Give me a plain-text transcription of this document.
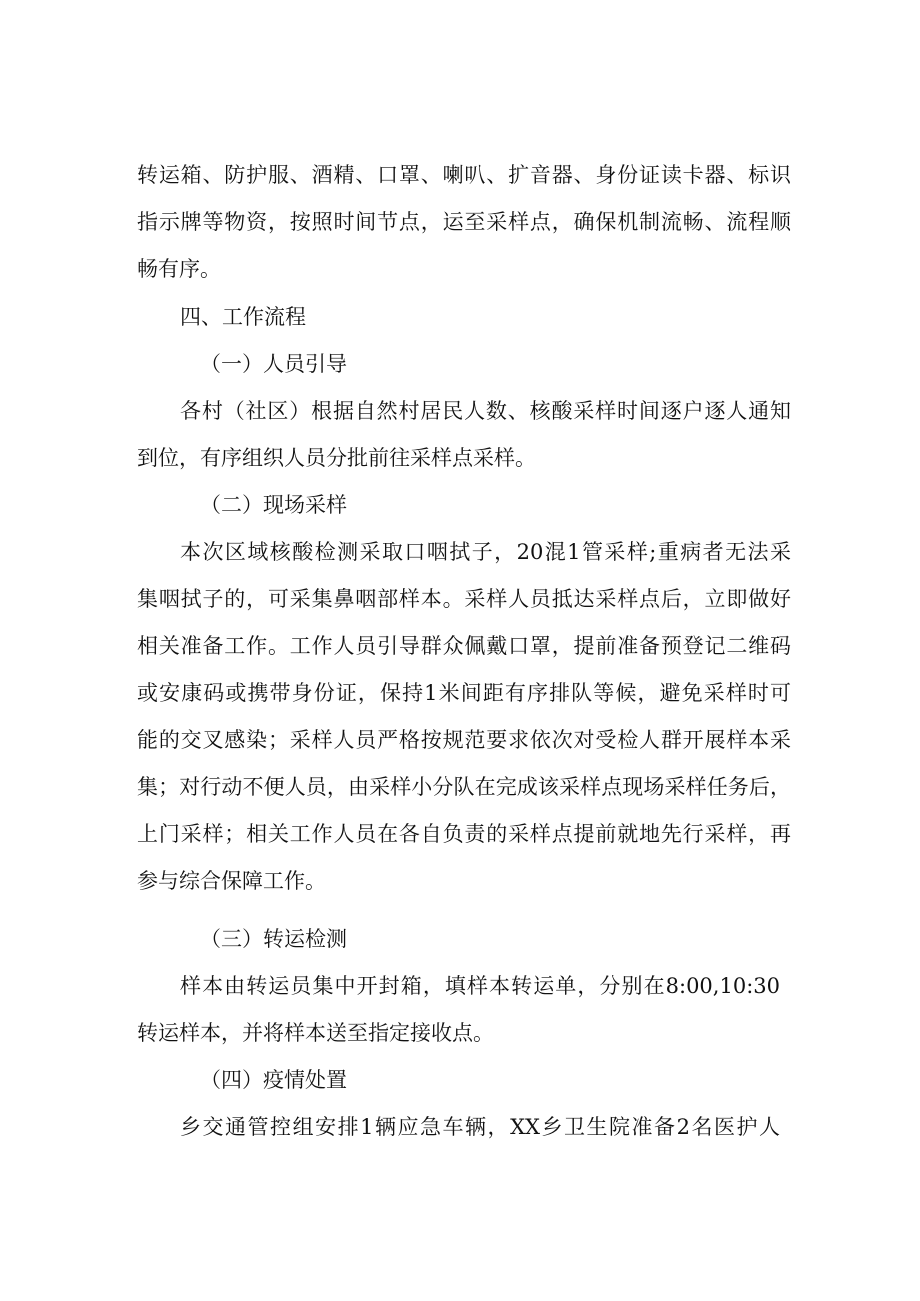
转运箱、防护服、酒精、口罩、喇叭、扩音器、身份证读卡器、标识
指示牌等物资，按照时间节点，运至采样点，确保机制流畅、流程顺
畅有序。
四、工作流程
（一）人员引导
各村（社区）根据自然村居民人数、核酸采样时间逐户逐人通知
到位，有序组织人员分批前往采样点采样。
（二）现场采样
本次区域核酸检测采取口咽拭子，20混1管采样;重病者无法采
集咽拭子的，可采集鼻咽部样本。采样人员抵达采样点后，立即做好
相关准备工作。工作人员引导群众佩戴口罩，提前准备预登记二维码
或安康码或携带身份证，保持1米间距有序排队等候，避免采样时可
能的交叉感染；采样人员严格按规范要求依次对受检人群开展样本采
集；对行动不便人员，由采样小分队在完成该采样点现场采样任务后，
上门采样；相关工作人员在各自负责的采样点提前就地先行采样，再
参与综合保障工作。
（三）转运检测
样本由转运员集中开封箱，填样本转运单，分别在8:00,10:30
转运样本，并将样本送至指定接收点。
（四）疫情处置
乡交通管控组安排1辆应急车辆，XX乡卫生院准备2名医护人
